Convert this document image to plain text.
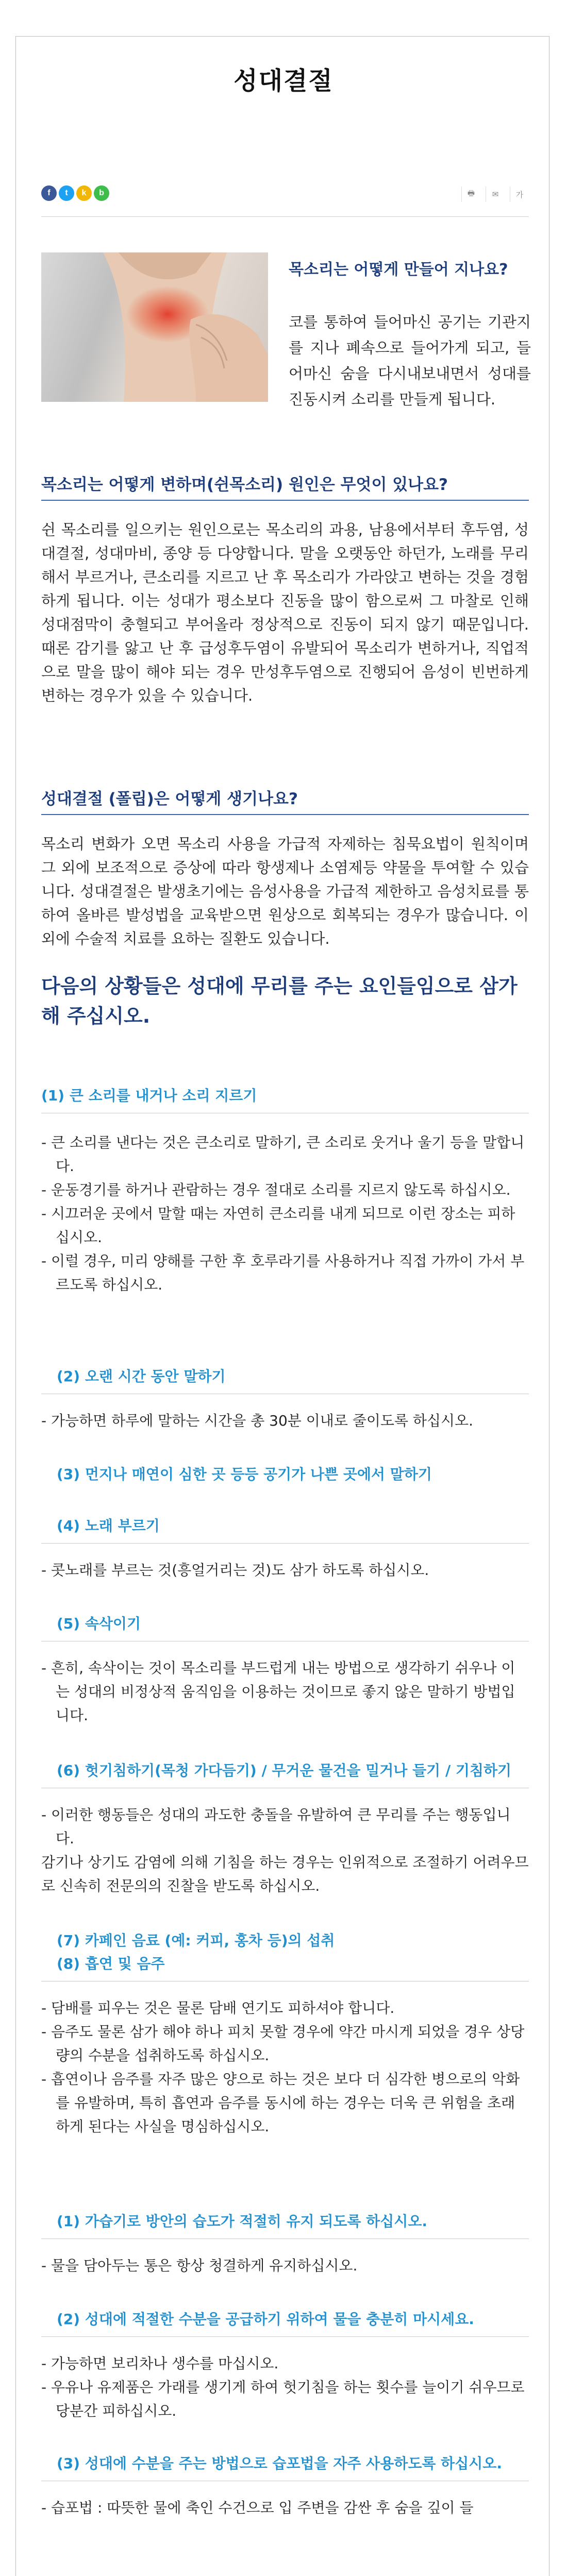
성대결절
f	t	k	b	🖶	✉	가
목소리는 어떻게 만들어 지나요?
코를 통하여 들어마신 공기는 기관지를 지나 폐속으로 들어가게 되고, 들어마신 숨을 다시내보내면서 성대를 진동시켜 소리를 만들게 됩니다.
목소리는 어떻게 변하며(쉰목소리) 원인은 무엇이 있나요?
쉰 목소리를 일으키는 원인으로는 목소리의 과용, 남용에서부터 후두염, 성대결절, 성대마비, 종양 등 다양합니다. 말을 오랫동안 하던가, 노래를 무리해서 부르거나, 큰소리를 지르고 난 후 목소리가 가라앉고 변하는 것을 경험하게 됩니다. 이는 성대가 평소보다 진동을 많이 함으로써 그 마찰로 인해 성대점막이 충혈되고 부어올라 정상적으로 진동이 되지 않기 때문입니다. 때론 감기를 앓고 난 후 급성후두염이 유발되어 목소리가 변하거나, 직업적으로 말을 많이 해야 되는 경우 만성후두염으로 진행되어 음성이 빈번하게 변하는 경우가 있을 수 있습니다.
성대결절 (폴립)은 어떻게 생기나요?
목소리 변화가 오면 목소리 사용을 가급적 자제하는 침묵요법이 원칙이며 그 외에 보조적으로 증상에 따라 항생제나 소염제등 약물을 투여할 수 있습니다. 성대결절은 발생초기에는 음성사용을 가급적 제한하고 음성치료를 통하여 올바른 발성법을 교육받으면 원상으로 회복되는 경우가 많습니다. 이 외에 수술적 치료를 요하는 질환도 있습니다.
다음의 상황들은 성대에 무리를 주는 요인들임으로 삼가해 주십시오.
(1) 큰 소리를 내거나 소리 지르기

- 큰 소리를 낸다는 것은 큰소리로 말하기, 큰 소리로 웃거나 울기 등을 말합니다.

- 운동경기를 하거나 관람하는 경우 절대로 소리를 지르지 않도록 하십시오.

- 시끄러운 곳에서 말할 때는 자연히 큰소리를 내게 되므로 이런 장소는 피하십시오.

- 이럴 경우, 미리 양해를 구한 후 호루라기를 사용하거나 직접 가까이 가서 부르도록 하십시오.

(2) 오랜 시간 동안 말하기

- 가능하면 하루에 말하는 시간을 총 30분 이내로 줄이도록 하십시오.

(3) 먼지나 매연이 심한 곳 등등 공기가 나쁜 곳에서 말하기
(4) 노래 부르기

- 콧노래를 부르는 것(흥얼거리는 것)도 삼가 하도록 하십시오.

(5) 속삭이기

- 흔히, 속삭이는 것이 목소리를 부드럽게 내는 방법으로 생각하기 쉬우나 이는 성대의 비정상적 움직임을 이용하는 것이므로 좋지 않은 말하기 방법입니다.

(6) 헛기침하기(목청 가다듬기) / 무거운 물건을 밀거나 들기 / 기침하기

- 이러한 행동들은 성대의 과도한 충돌을 유발하여 큰 무리를 주는 행동입니다.

감기나 상기도 감염에 의해 기침을 하는 경우는 인위적으로 조절하기 어려우므로 신속히 전문의의 진찰을 받도록 하십시오.

(7) 카페인 음료 (예: 커피, 홍차 등)의 섭취
(8) 흡연 및 음주

- 담배를 피우는 것은 물론 담배 연기도 피하셔야 합니다.

- 음주도 물론 삼가 해야 하나 피치 못할 경우에 약간 마시게 되었을 경우 상당량의 수분을 섭취하도록 하십시오.

- 흡연이나 음주를 자주 많은 양으로 하는 것은 보다 더 심각한 병으로의 악화를 유발하며, 특히 흡연과 음주를 동시에 하는 경우는 더욱 큰 위험을 초래하게 된다는 사실을 명심하십시오.

(1) 가습기로 방안의 습도가 적절히 유지 되도록 하십시오.

- 물을 담아두는 통은 항상 청결하게 유지하십시오.

(2) 성대에 적절한 수분을 공급하기 위하여 물을 충분히 마시세요.

- 가능하면 보리차나 생수를 마십시오.

- 우유나 유제품은 가래를 생기게 하여 헛기침을 하는 횟수를 늘이기 쉬우므로 당분간 피하십시오.

(3) 성대에 수분을 주는 방법으로 습포법을 자주 사용하도록 하십시오.

- 습포법 : 따뜻한 물에 축인 수건으로 입 주변을 감싼 후 숨을 깊이 들
